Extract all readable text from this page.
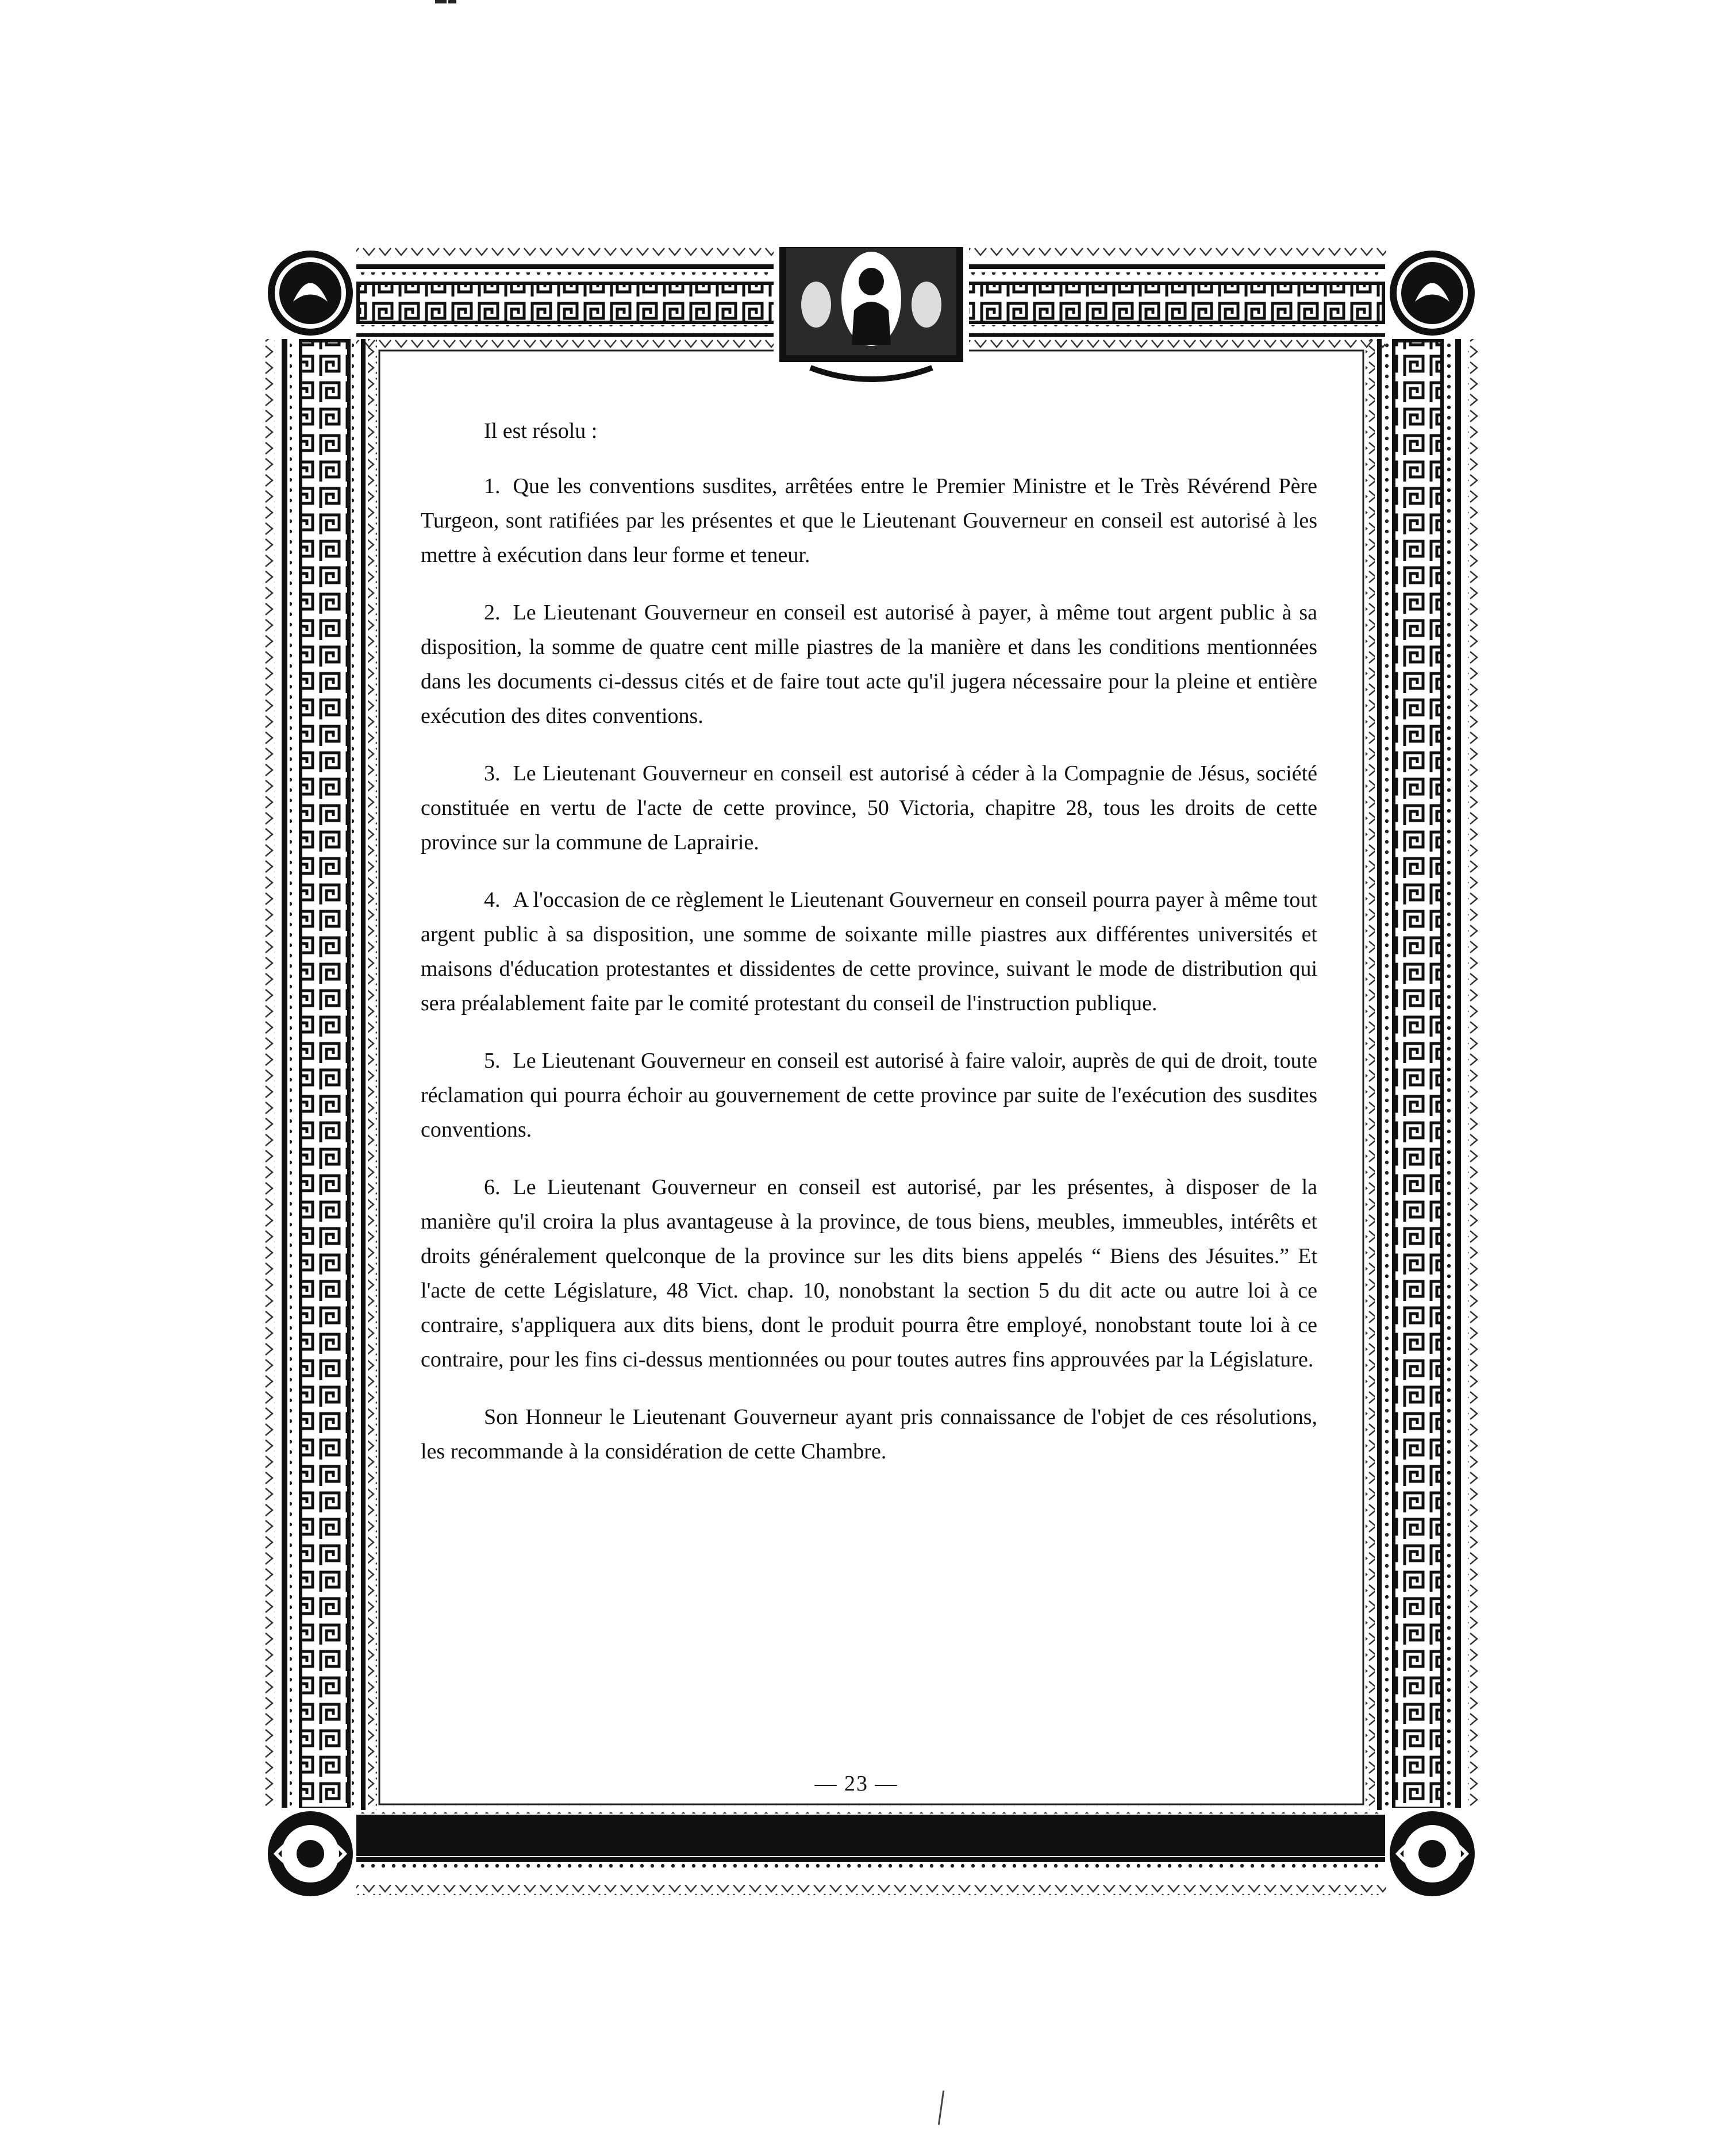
Il est résolu :

1. Que les conventions susdites, arrêtées entre le Premier Ministre et le Très Révérend Père Turgeon, sont ratifiées par les présentes et que le Lieutenant Gouverneur en conseil est autorisé à les mettre à exécution dans leur forme et teneur.

2. Le Lieutenant Gouverneur en conseil est autorisé à payer, à même tout argent public à sa disposition, la somme de quatre cent mille piastres de la manière et dans les conditions mentionnées dans les documents ci-dessus cités et de faire tout acte qu'il jugera nécessaire pour la pleine et entière exécution des dites conventions.

3. Le Lieutenant Gouverneur en conseil est autorisé à céder à la Compagnie de Jésus, société constituée en vertu de l'acte de cette province, 50 Victoria, chapitre 28, tous les droits de cette province sur la commune de Laprairie.

4. A l'occasion de ce règlement le Lieutenant Gouverneur en conseil pourra payer à même tout argent public à sa disposition, une somme de soixante mille piastres aux différentes universités et maisons d'éducation protestantes et dissidentes de cette province, suivant le mode de distribution qui sera préalablement faite par le comité protestant du conseil de l'instruction publique.

5. Le Lieutenant Gouverneur en conseil est autorisé à faire valoir, auprès de qui de droit, toute réclamation qui pourra échoir au gouvernement de cette province par suite de l'exécution des susdites conventions.

6. Le Lieutenant Gouverneur en conseil est autorisé, par les présentes, à disposer de la manière qu'il croira la plus avantageuse à la province, de tous biens, meubles, immeubles, intérêts et droits généralement quelconque de la province sur les dits biens appelés “ Biens des Jésuites.” Et l'acte de cette Législature, 48 Vict. chap. 10, nonobstant la section 5 du dit acte ou autre loi à ce contraire, s'appliquera aux dits biens, dont le produit pourra être employé, nonobstant toute loi à ce contraire, pour les fins ci-dessus mentionnées ou pour toutes autres fins approuvées par la Législature.

Son Honneur le Lieutenant Gouverneur ayant pris connaissance de l'objet de ces résolutions, les recommande à la considération de cette Chambre.

— 23 —
